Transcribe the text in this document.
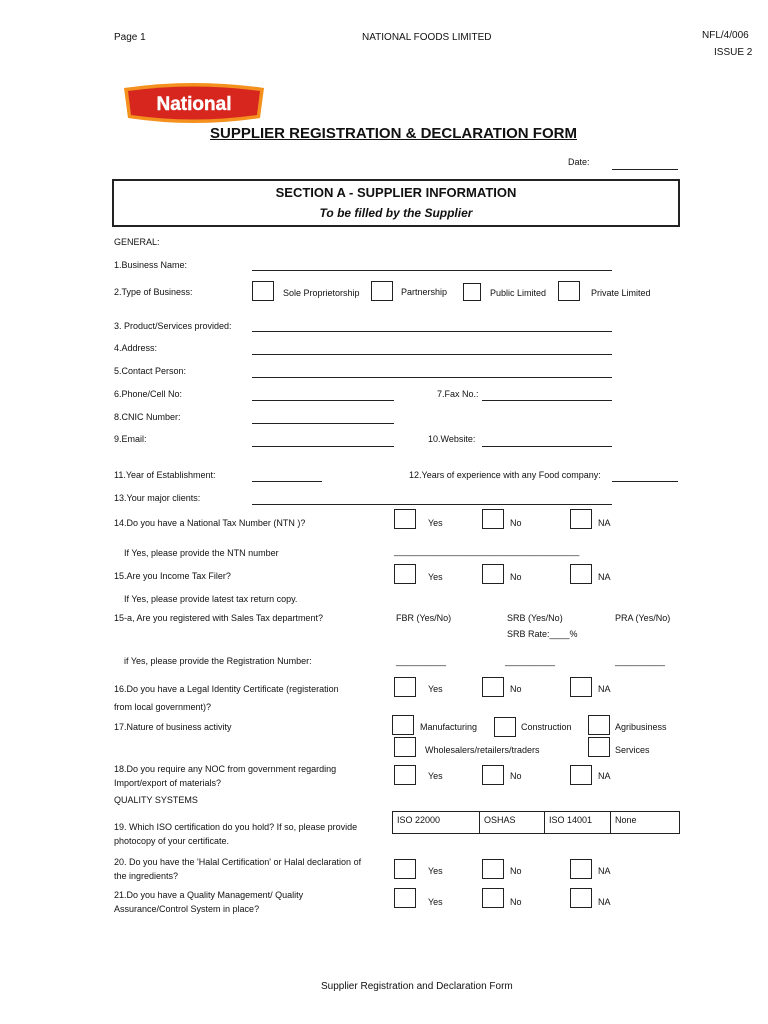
Page 1	NATIONAL FOODS LIMITED	NFL/4/006
ISSUE 2
National
SUPPLIER REGISTRATION & DECLARATION FORM
Date:
SECTION A - SUPPLIER INFORMATION
To be filled by the Supplier
GENERAL:
1.Business Name:
2.Type of Business:	Sole Proprietorship	Partnership	Public Limited	Private Limited
3. Product/Services provided:
4.Address:
5.Contact Person:
6.Phone/Cell No:	7.Fax No.:
8.CNIC Number:
9.Email:	10.Website:
11.Year of Establishment:	12.Years of experience with any Food company:
13.Your major clients:
14.Do you have a National Tax Number (NTN )?	Yes	No	NA
If Yes, please provide the NTN number	_____________________________________
15.Are you Income Tax Filer?	Yes	No	NA
If Yes, please provide latest tax return copy.
15-a, Are you registered with Sales Tax department?	FBR (Yes/No)	SRB (Yes/No)	PRA (Yes/No)
SRB Rate:____%
if Yes, please provide the Registration Number:	__________	__________	__________
16.Do you have a Legal Identity Certificate (registeration
from local government)?
Yes	No	NA
17.Nature of business activity	Manufacturing	Construction	Agribusiness
Wholesalers/retailers/traders	Services
18.Do you require any NOC from government regarding
Import/export of materials?
Yes	No	NA
QUALITY SYSTEMS
19. Which ISO certification do you hold? If so, please provide
photocopy of your certificate.
ISO 22000	OSHAS	ISO 14001	None
20. Do you have the 'Halal Certification' or Halal declaration of
the ingredients?	Yes	No	NA
21.Do you have a Quality Management/ Quality
Assurance/Control System in place?
Yes	No	NA
Supplier Registration and Declaration Form
